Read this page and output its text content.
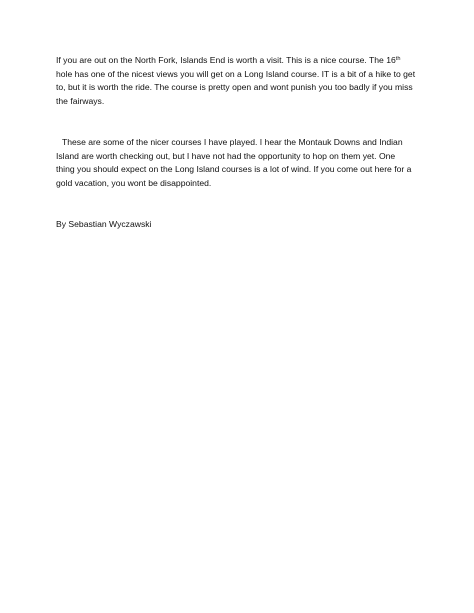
If you are out on the North Fork, Islands End is worth a visit. This is a nice course. The 16th
hole has one of the nicest views you will get on a Long Island course. IT is a bit of a hike to get
to, but it is worth the ride. The course is pretty open and wont punish you too badly if you miss
the fairways.
These are some of the nicer courses I have played. I hear the Montauk Downs and Indian
Island are worth checking out, but I have not had the opportunity to hop on them yet. One
thing you should expect on the Long Island courses is a lot of wind. If you come out here for a
gold vacation, you wont be disappointed.
By Sebastian Wyczawski
